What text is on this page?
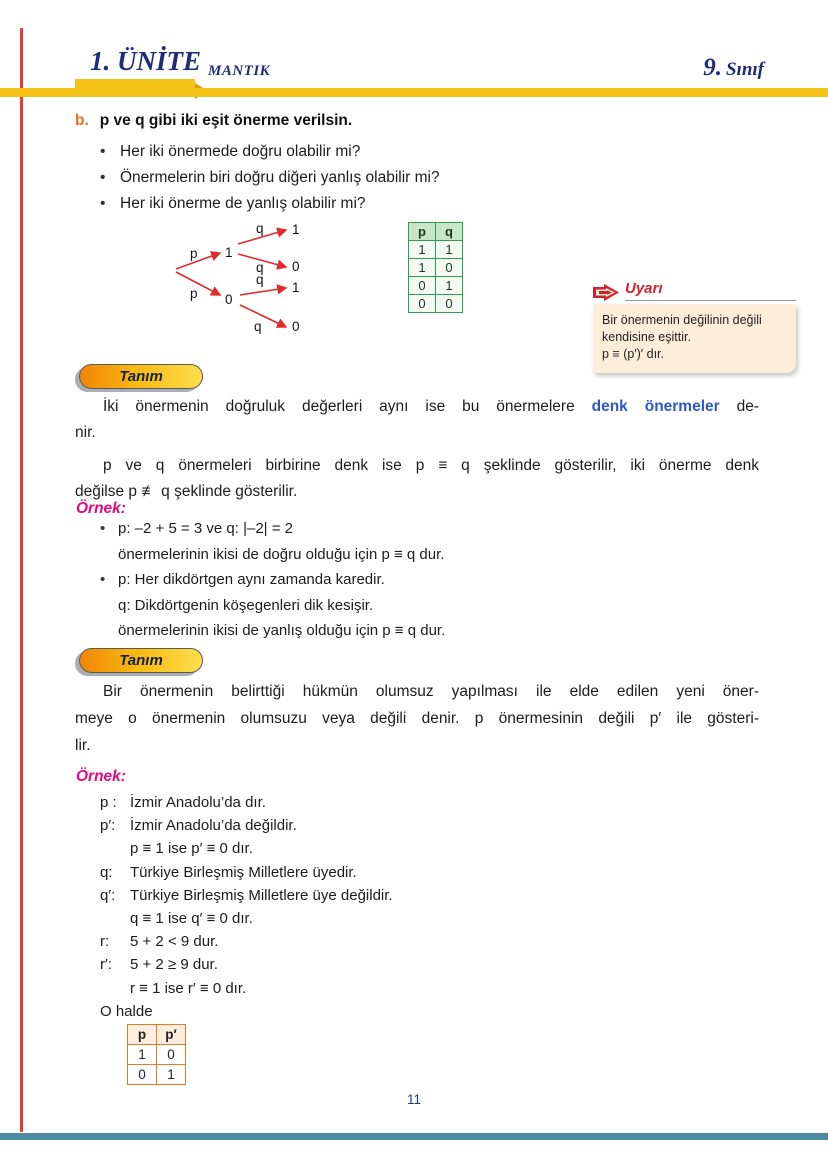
1. ÜNİTE MANTIK	9. Sınıf
b. p ve q gibi iki eşit önerme verilsin.
Her iki önermede doğru olabilir mi?
Önermelerin biri doğru diğeri yanlış olabilir mi?
Her iki önerme de yanlış olabilir mi?
p
p
1
0
q
q
q
q
1
0
1
0
p	q
1	1
1	0
0	1
0	0
Uyarı
Bir önermenin değilinin değili kendisine eşittir.
p ≡ (p′)′ dır.
Tanım
İki önermenin doğruluk değerleri aynı ise bu önermelere denk önermeler de-
nir.
p ve q önermeleri birbirine denk ise p ≡ q şeklinde gösterilir, iki önerme denk
değilse p ≢ q şeklinde gösterilir.
Örnek:
p: –2 + 5 = 3 ve q: |–2| = 2
önermelerinin ikisi de doğru olduğu için p ≡ q dur.
p: Her dikdörtgen aynı zamanda karedir.
q: Dikdörtgenin köşegenleri dik kesişir.
önermelerinin ikisi de yanlış olduğu için p ≡ q dur.
Tanım
Bir önermenin belirttiği hükmün olumsuz yapılması ile elde edilen yeni öner-
meye o önermenin olumsuzu veya değili denir. p önermesinin değili p′ ile gösteri-
lir.
Örnek:
p : İzmir Anadolu’da dır.
p′: İzmir Anadolu’da değildir.
p ≡ 1 ise p′ ≡ 0 dır.
q: Türkiye Birleşmiş Milletlere üyedir.
q′: Türkiye Birleşmiş Milletlere üye değildir.
q ≡ 1 ise q′ ≡ 0 dır.
r: 5 + 2 < 9 dur.
r′: 5 + 2 ≥ 9 dur.
r ≡ 1 ise r′ ≡ 0 dır.
O halde
p	p′
1	0
0	1
11
